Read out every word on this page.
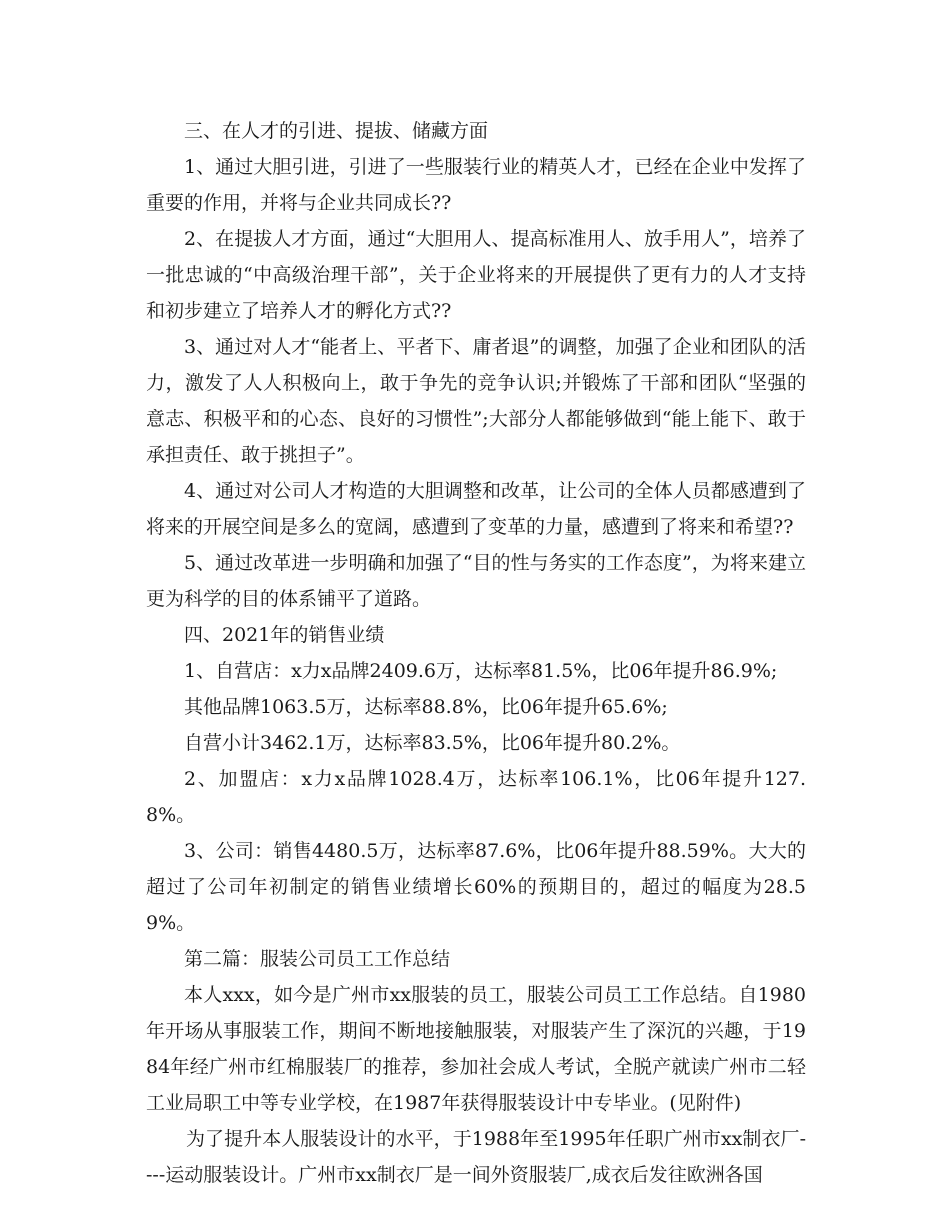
三、在人才的引进、提拔、储藏方面

1、通过大胆引进，引进了一些服装行业的精英人才，已经在企业中发挥了重要的作用，并将与企业共同成长??

2、在提拔人才方面，通过“大胆用人、提高标准用人、放手用人”，培养了一批忠诚的“中高级治理干部”，关于企业将来的开展提供了更有力的人才支持和初步建立了培养人才的孵化方式??

3、通过对人才“能者上、平者下、庸者退”的调整，加强了企业和团队的活力，激发了人人积极向上，敢于争先的竞争认识;并锻炼了干部和团队“坚强的意志、积极平和的心态、良好的习惯性”;大部分人都能够做到“能上能下、敢于承担责任、敢于挑担子”。

4、通过对公司人才构造的大胆调整和改革，让公司的全体人员都感遭到了将来的开展空间是多么的宽阔，感遭到了变革的力量，感遭到了将来和希望??

5、通过改革进一步明确和加强了“目的性与务实的工作态度”，为将来建立更为科学的目的体系铺平了道路。

四、2021年的销售业绩

1、自营店：x力x品牌2409.6万，达标率81.5%，比06年提升86.9%;

其他品牌1063.5万，达标率88.8%，比06年提升65.6%;

自营小计3462.1万，达标率83.5%，比06年提升80.2%。

2、加盟店：x力x品牌1028.4万，达标率106.1%，比06年提升127.8%。

3、公司：销售4480.5万，达标率87.6%，比06年提升88.59%。大大的超过了公司年初制定的销售业绩增长60%的预期目的，超过的幅度为28.59%。

第二篇：服装公司员工工作总结

本人xxx，如今是广州市xx服装的员工，服装公司员工工作总结。自1980年开场从事服装工作，期间不断地接触服装，对服装产生了深沉的兴趣，于1984年经广州市红棉服装厂的推荐，参加社会成人考试，全脱产就读广州市二轻工业局职工中等专业学校，在1987年获得服装设计中专毕业。(见附件)

为了提升本人服装设计的水平，于1988年至1995年任职广州市xx制衣厂----运动服装设计。广州市xx制衣厂是一间外资服装厂,成衣后发往欧洲各国
